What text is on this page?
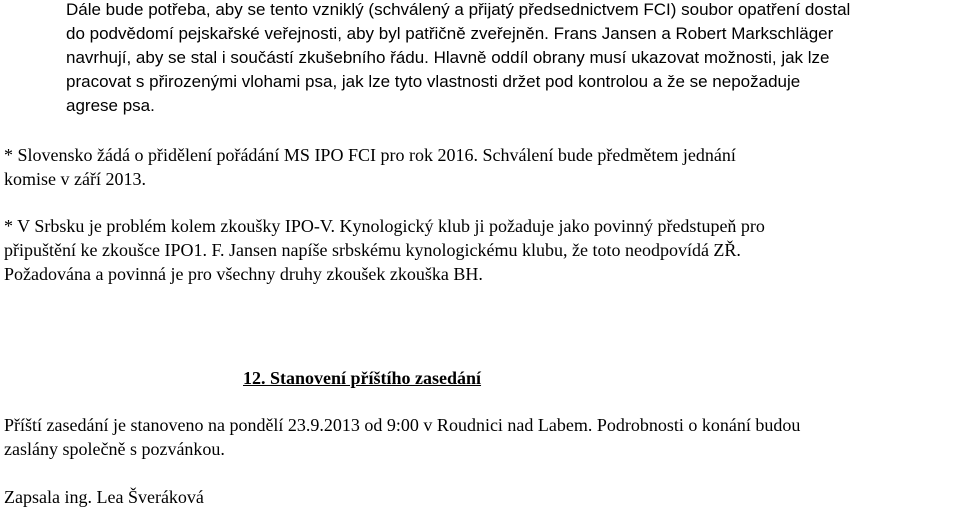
Dále bude potřeba, aby se tento vzniklý (schválený a přijatý předsednictvem FCI) soubor opatření dostal
do podvědomí pejskařské veřejnosti, aby byl patřičně zveřejněn. Frans Jansen a Robert Markschläger
navrhují, aby se stal i součástí zkušebního řádu. Hlavně oddíl obrany musí ukazovat možnosti, jak lze
pracovat s přirozenými vlohami psa, jak lze tyto vlastnosti držet pod kontrolou a že se nepožaduje
agrese psa.
* Slovensko žádá o přidělení pořádání MS IPO FCI pro rok 2016. Schválení bude předmětem jednání
komise v září 2013.
* V Srbsku je problém kolem zkoušky IPO-V. Kynologický klub ji požaduje jako povinný předstupeň pro
připuštění ke zkoušce IPO1. F. Jansen napíše srbskému kynologickému klubu, že toto neodpovídá ZŘ.
Požadována a povinná je pro všechny druhy zkoušek zkouška BH.
12. Stanovení příštího zasedání
Příští zasedání je stanoveno na pondělí 23.9.2013 od 9:00 v Roudnici nad Labem. Podrobnosti o konání budou
zaslány společně s pozvánkou.
Zapsala ing. Lea Šveráková
